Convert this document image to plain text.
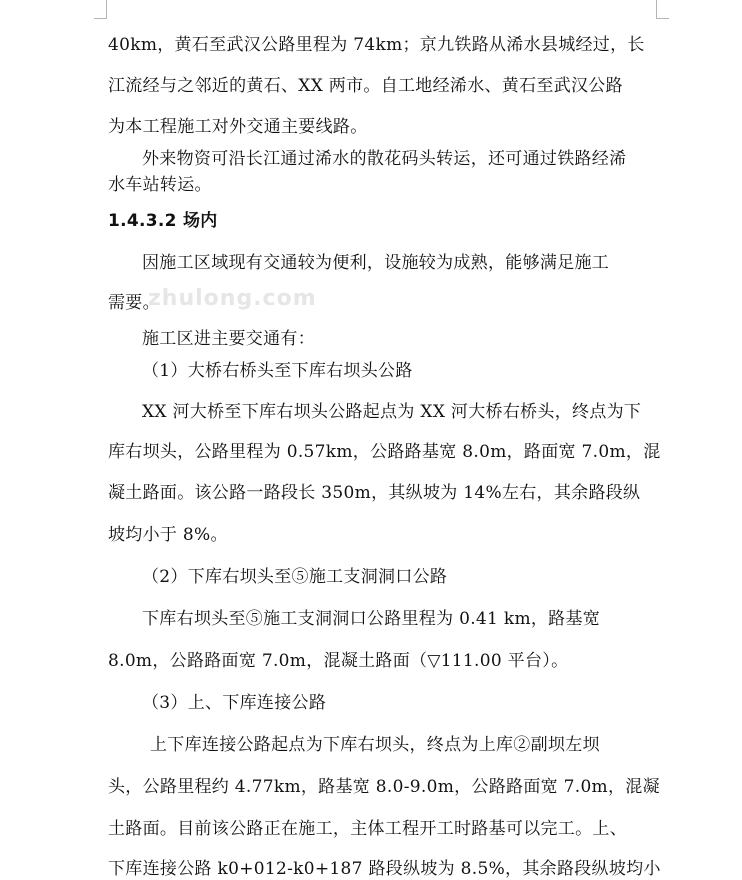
zhulong.com
40km，黄石至武汉公路里程为 74km；京九铁路从浠水县城经过，长
江流经与之邻近的黄石、XX 两市。自工地经浠水、黄石至武汉公路
为本工程施工对外交通主要线路。
外来物资可沿长江通过浠水的散花码头转运，还可通过铁路经浠
水车站转运。
1.4.3.2 场内
因施工区域现有交通较为便利，设施较为成熟，能够满足施工
需要。
施工区进主要交通有：
（1）大桥右桥头至下库右坝头公路
XX 河大桥至下库右坝头公路起点为 XX 河大桥右桥头，终点为下
库右坝头，公路里程为 0.57km，公路路基宽 8.0m，路面宽 7.0m，混
凝土路面。该公路一路段长 350m，其纵坡为 14%左右，其余路段纵
坡均小于 8%。
（2）下库右坝头至⑤施工支洞洞口公路
下库右坝头至⑤施工支洞洞口公路里程为 0.41 km，路基宽
8.0m，公路路面宽 7.0m，混凝土路面（▽111.00 平台）。
（3）上、下库连接公路
上下库连接公路起点为下库右坝头，终点为上库②副坝左坝
头，公路里程约 4.77km，路基宽 8.0-9.0m，公路路面宽 7.0m，混凝
土路面。目前该公路正在施工，主体工程开工时路基可以完工。上、
下库连接公路 k0+012-k0+187 路段纵坡为 8.5%，其余路段纵坡均小
